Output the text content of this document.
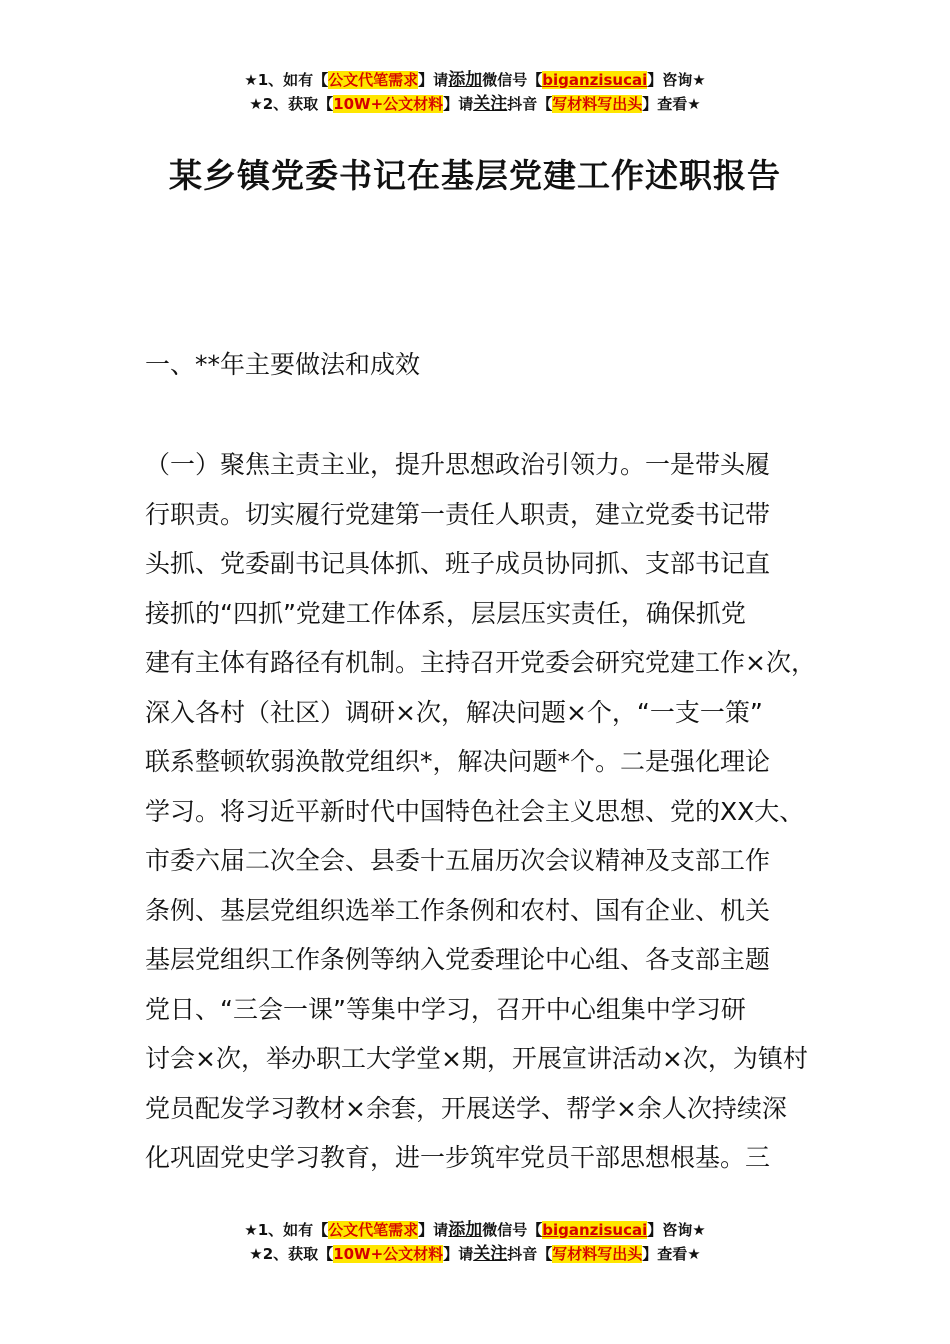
★1、如有【公文代笔需求】请添加微信号【biganzisucai】咨询★
★2、获取【10W+公文材料】请关注抖音【写材料写出头】查看★
某乡镇党委书记在基层党建工作述职报告
一、**年主要做法和成效
（一）聚焦主责主业，提升思想政治引领力。一是带头履
行职责。切实履行党建第一责任人职责，建立党委书记带
头抓、党委副书记具体抓、班子成员协同抓、支部书记直
接抓的“四抓”党建工作体系，层层压实责任，确保抓党
建有主体有路径有机制。主持召开党委会研究党建工作×次，
深入各村（社区）调研×次，解决问题×个，“一支一策”
联系整顿软弱涣散党组织*，解决问题*个。二是强化理论
学习。将习近平新时代中国特色社会主义思想、党的XX大、
市委六届二次全会、县委十五届历次会议精神及支部工作
条例、基层党组织选举工作条例和农村、国有企业、机关
基层党组织工作条例等纳入党委理论中心组、各支部主题
党日、“三会一课”等集中学习，召开中心组集中学习研
讨会×次，举办职工大学堂×期，开展宣讲活动×次，为镇村
党员配发学习教材×余套，开展送学、帮学×余人次持续深
化巩固党史学习教育，进一步筑牢党员干部思想根基。三
★1、如有【公文代笔需求】请添加微信号【biganzisucai】咨询★
★2、获取【10W+公文材料】请关注抖音【写材料写出头】查看★
